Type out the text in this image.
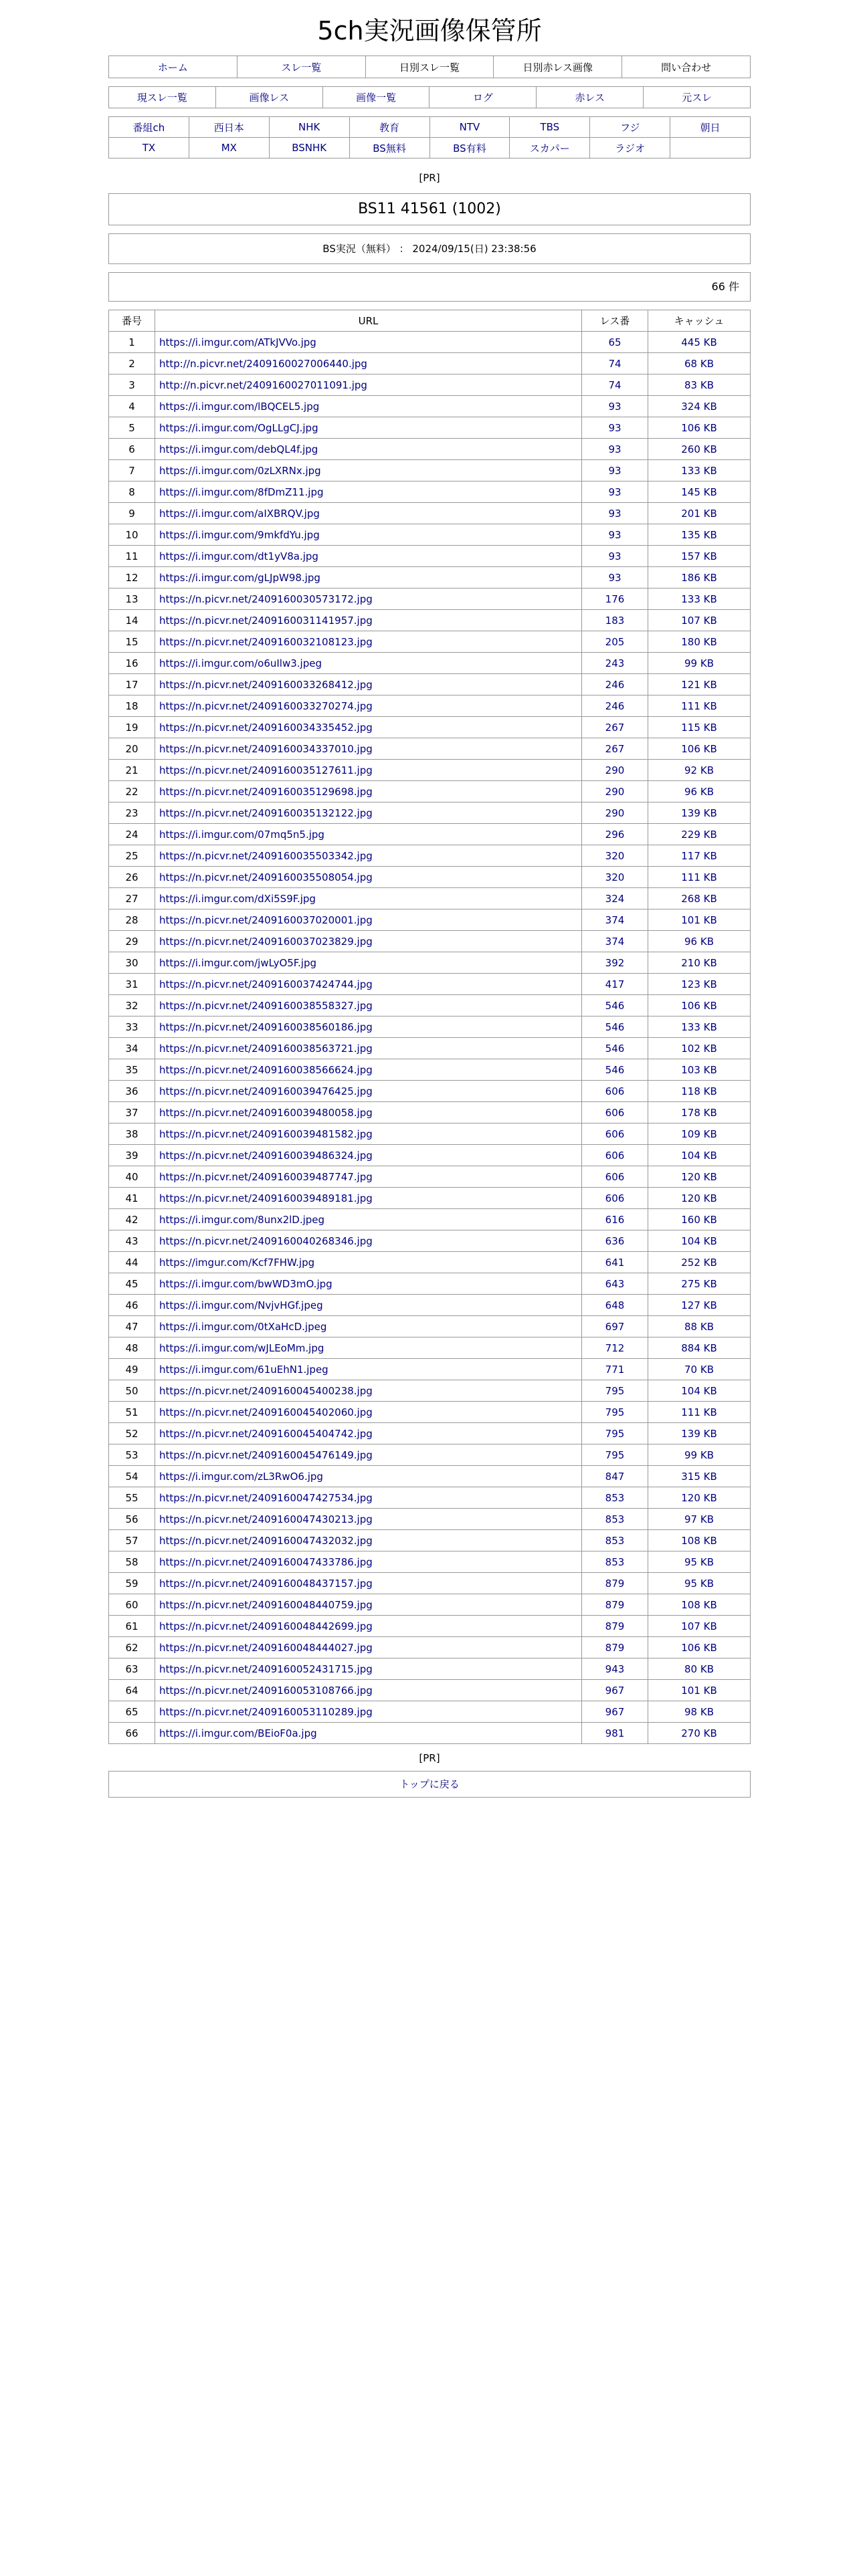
5ch実況画像保管所
ホーム	スレ一覧	日別スレ一覧	日別赤レス画像	問い合わせ
現スレ一覧	画像レス	画像一覧	ログ	赤レス	元スレ
番組ch	西日本	NHK	教育	NTV	TBS	フジ	朝日
TX	MX	BSNHK	BS無料	BS有料	スカパー	ラジオ	
[PR]
BS11 41561 (1002)
BS実況（無料） ： 2024/09/15(日) 23:38:56
66 件
番号	URL	レス番	キャッシュ
1	https://i.imgur.com/ATkJVVo.jpg	65	445 KB
2	http://n.picvr.net/2409160027006440.jpg	74	68 KB
3	http://n.picvr.net/2409160027011091.jpg	74	83 KB
4	https://i.imgur.com/lBQCEL5.jpg	93	324 KB
5	https://i.imgur.com/OgLLgCJ.jpg	93	106 KB
6	https://i.imgur.com/debQL4f.jpg	93	260 KB
7	https://i.imgur.com/0zLXRNx.jpg	93	133 KB
8	https://i.imgur.com/8fDmZ11.jpg	93	145 KB
9	https://i.imgur.com/aIXBRQV.jpg	93	201 KB
10	https://i.imgur.com/9mkfdYu.jpg	93	135 KB
11	https://i.imgur.com/dt1yV8a.jpg	93	157 KB
12	https://i.imgur.com/gLJpW98.jpg	93	186 KB
13	https://n.picvr.net/2409160030573172.jpg	176	133 KB
14	https://n.picvr.net/2409160031141957.jpg	183	107 KB
15	https://n.picvr.net/2409160032108123.jpg	205	180 KB
16	https://i.imgur.com/o6uIlw3.jpeg	243	99 KB
17	https://n.picvr.net/2409160033268412.jpg	246	121 KB
18	https://n.picvr.net/2409160033270274.jpg	246	111 KB
19	https://n.picvr.net/2409160034335452.jpg	267	115 KB
20	https://n.picvr.net/2409160034337010.jpg	267	106 KB
21	https://n.picvr.net/2409160035127611.jpg	290	92 KB
22	https://n.picvr.net/2409160035129698.jpg	290	96 KB
23	https://n.picvr.net/2409160035132122.jpg	290	139 KB
24	https://i.imgur.com/07mq5n5.jpg	296	229 KB
25	https://n.picvr.net/2409160035503342.jpg	320	117 KB
26	https://n.picvr.net/2409160035508054.jpg	320	111 KB
27	https://i.imgur.com/dXi5S9F.jpg	324	268 KB
28	https://n.picvr.net/2409160037020001.jpg	374	101 KB
29	https://n.picvr.net/2409160037023829.jpg	374	96 KB
30	https://i.imgur.com/jwLyO5F.jpg	392	210 KB
31	https://n.picvr.net/2409160037424744.jpg	417	123 KB
32	https://n.picvr.net/2409160038558327.jpg	546	106 KB
33	https://n.picvr.net/2409160038560186.jpg	546	133 KB
34	https://n.picvr.net/2409160038563721.jpg	546	102 KB
35	https://n.picvr.net/2409160038566624.jpg	546	103 KB
36	https://n.picvr.net/2409160039476425.jpg	606	118 KB
37	https://n.picvr.net/2409160039480058.jpg	606	178 KB
38	https://n.picvr.net/2409160039481582.jpg	606	109 KB
39	https://n.picvr.net/2409160039486324.jpg	606	104 KB
40	https://n.picvr.net/2409160039487747.jpg	606	120 KB
41	https://n.picvr.net/2409160039489181.jpg	606	120 KB
42	https://i.imgur.com/8unx2lD.jpeg	616	160 KB
43	https://n.picvr.net/2409160040268346.jpg	636	104 KB
44	https://imgur.com/Kcf7FHW.jpg	641	252 KB
45	https://i.imgur.com/bwWD3mO.jpg	643	275 KB
46	https://i.imgur.com/NvjvHGf.jpeg	648	127 KB
47	https://i.imgur.com/0tXaHcD.jpeg	697	88 KB
48	https://i.imgur.com/wJLEoMm.jpg	712	884 KB
49	https://i.imgur.com/61uEhN1.jpeg	771	70 KB
50	https://n.picvr.net/2409160045400238.jpg	795	104 KB
51	https://n.picvr.net/2409160045402060.jpg	795	111 KB
52	https://n.picvr.net/2409160045404742.jpg	795	139 KB
53	https://n.picvr.net/2409160045476149.jpg	795	99 KB
54	https://i.imgur.com/zL3RwO6.jpg	847	315 KB
55	https://n.picvr.net/2409160047427534.jpg	853	120 KB
56	https://n.picvr.net/2409160047430213.jpg	853	97 KB
57	https://n.picvr.net/2409160047432032.jpg	853	108 KB
58	https://n.picvr.net/2409160047433786.jpg	853	95 KB
59	https://n.picvr.net/2409160048437157.jpg	879	95 KB
60	https://n.picvr.net/2409160048440759.jpg	879	108 KB
61	https://n.picvr.net/2409160048442699.jpg	879	107 KB
62	https://n.picvr.net/2409160048444027.jpg	879	106 KB
63	https://n.picvr.net/2409160052431715.jpg	943	80 KB
64	https://n.picvr.net/2409160053108766.jpg	967	101 KB
65	https://n.picvr.net/2409160053110289.jpg	967	98 KB
66	https://i.imgur.com/BEioF0a.jpg	981	270 KB
[PR]
トップに戻る
